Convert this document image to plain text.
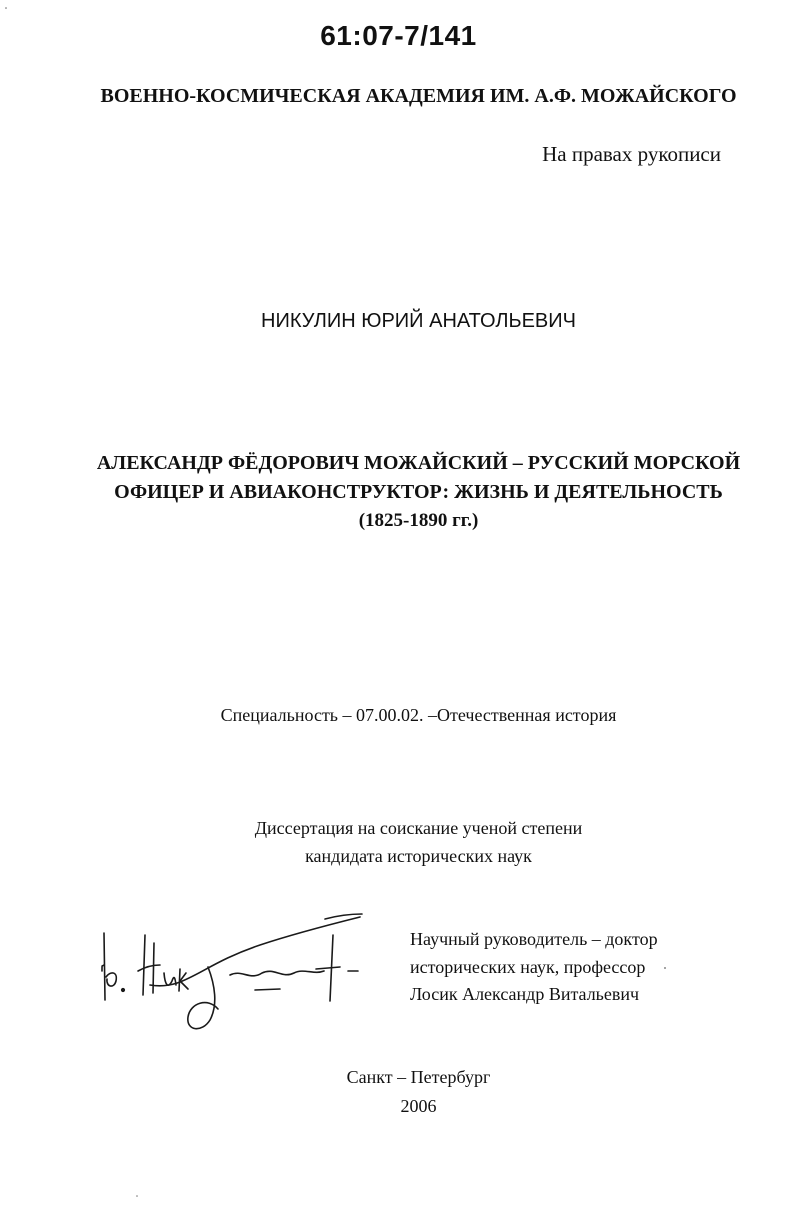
61:07-7/141
ВОЕННО-КОСМИЧЕСКАЯ АКАДЕМИЯ ИМ. А.Ф. МОЖАЙСКОГО
На правах рукописи
НИКУЛИН ЮРИЙ АНАТОЛЬЕВИЧ
АЛЕКСАНДР ФЁДОРОВИЧ МОЖАЙСКИЙ – РУССКИЙ МОРСКОЙ
ОФИЦЕР И АВИАКОНСТРУКТОР: ЖИЗНЬ И ДЕЯТЕЛЬНОСТЬ
(1825-1890 гг.)
Специальность – 07.00.02. –Отечественная история
Диссертация на соискание ученой степени
кандидата исторических наук
Научный руководитель – доктор
исторических наук, профессор
Лосик Александр Витальевич
Санкт – Петербург
2006
